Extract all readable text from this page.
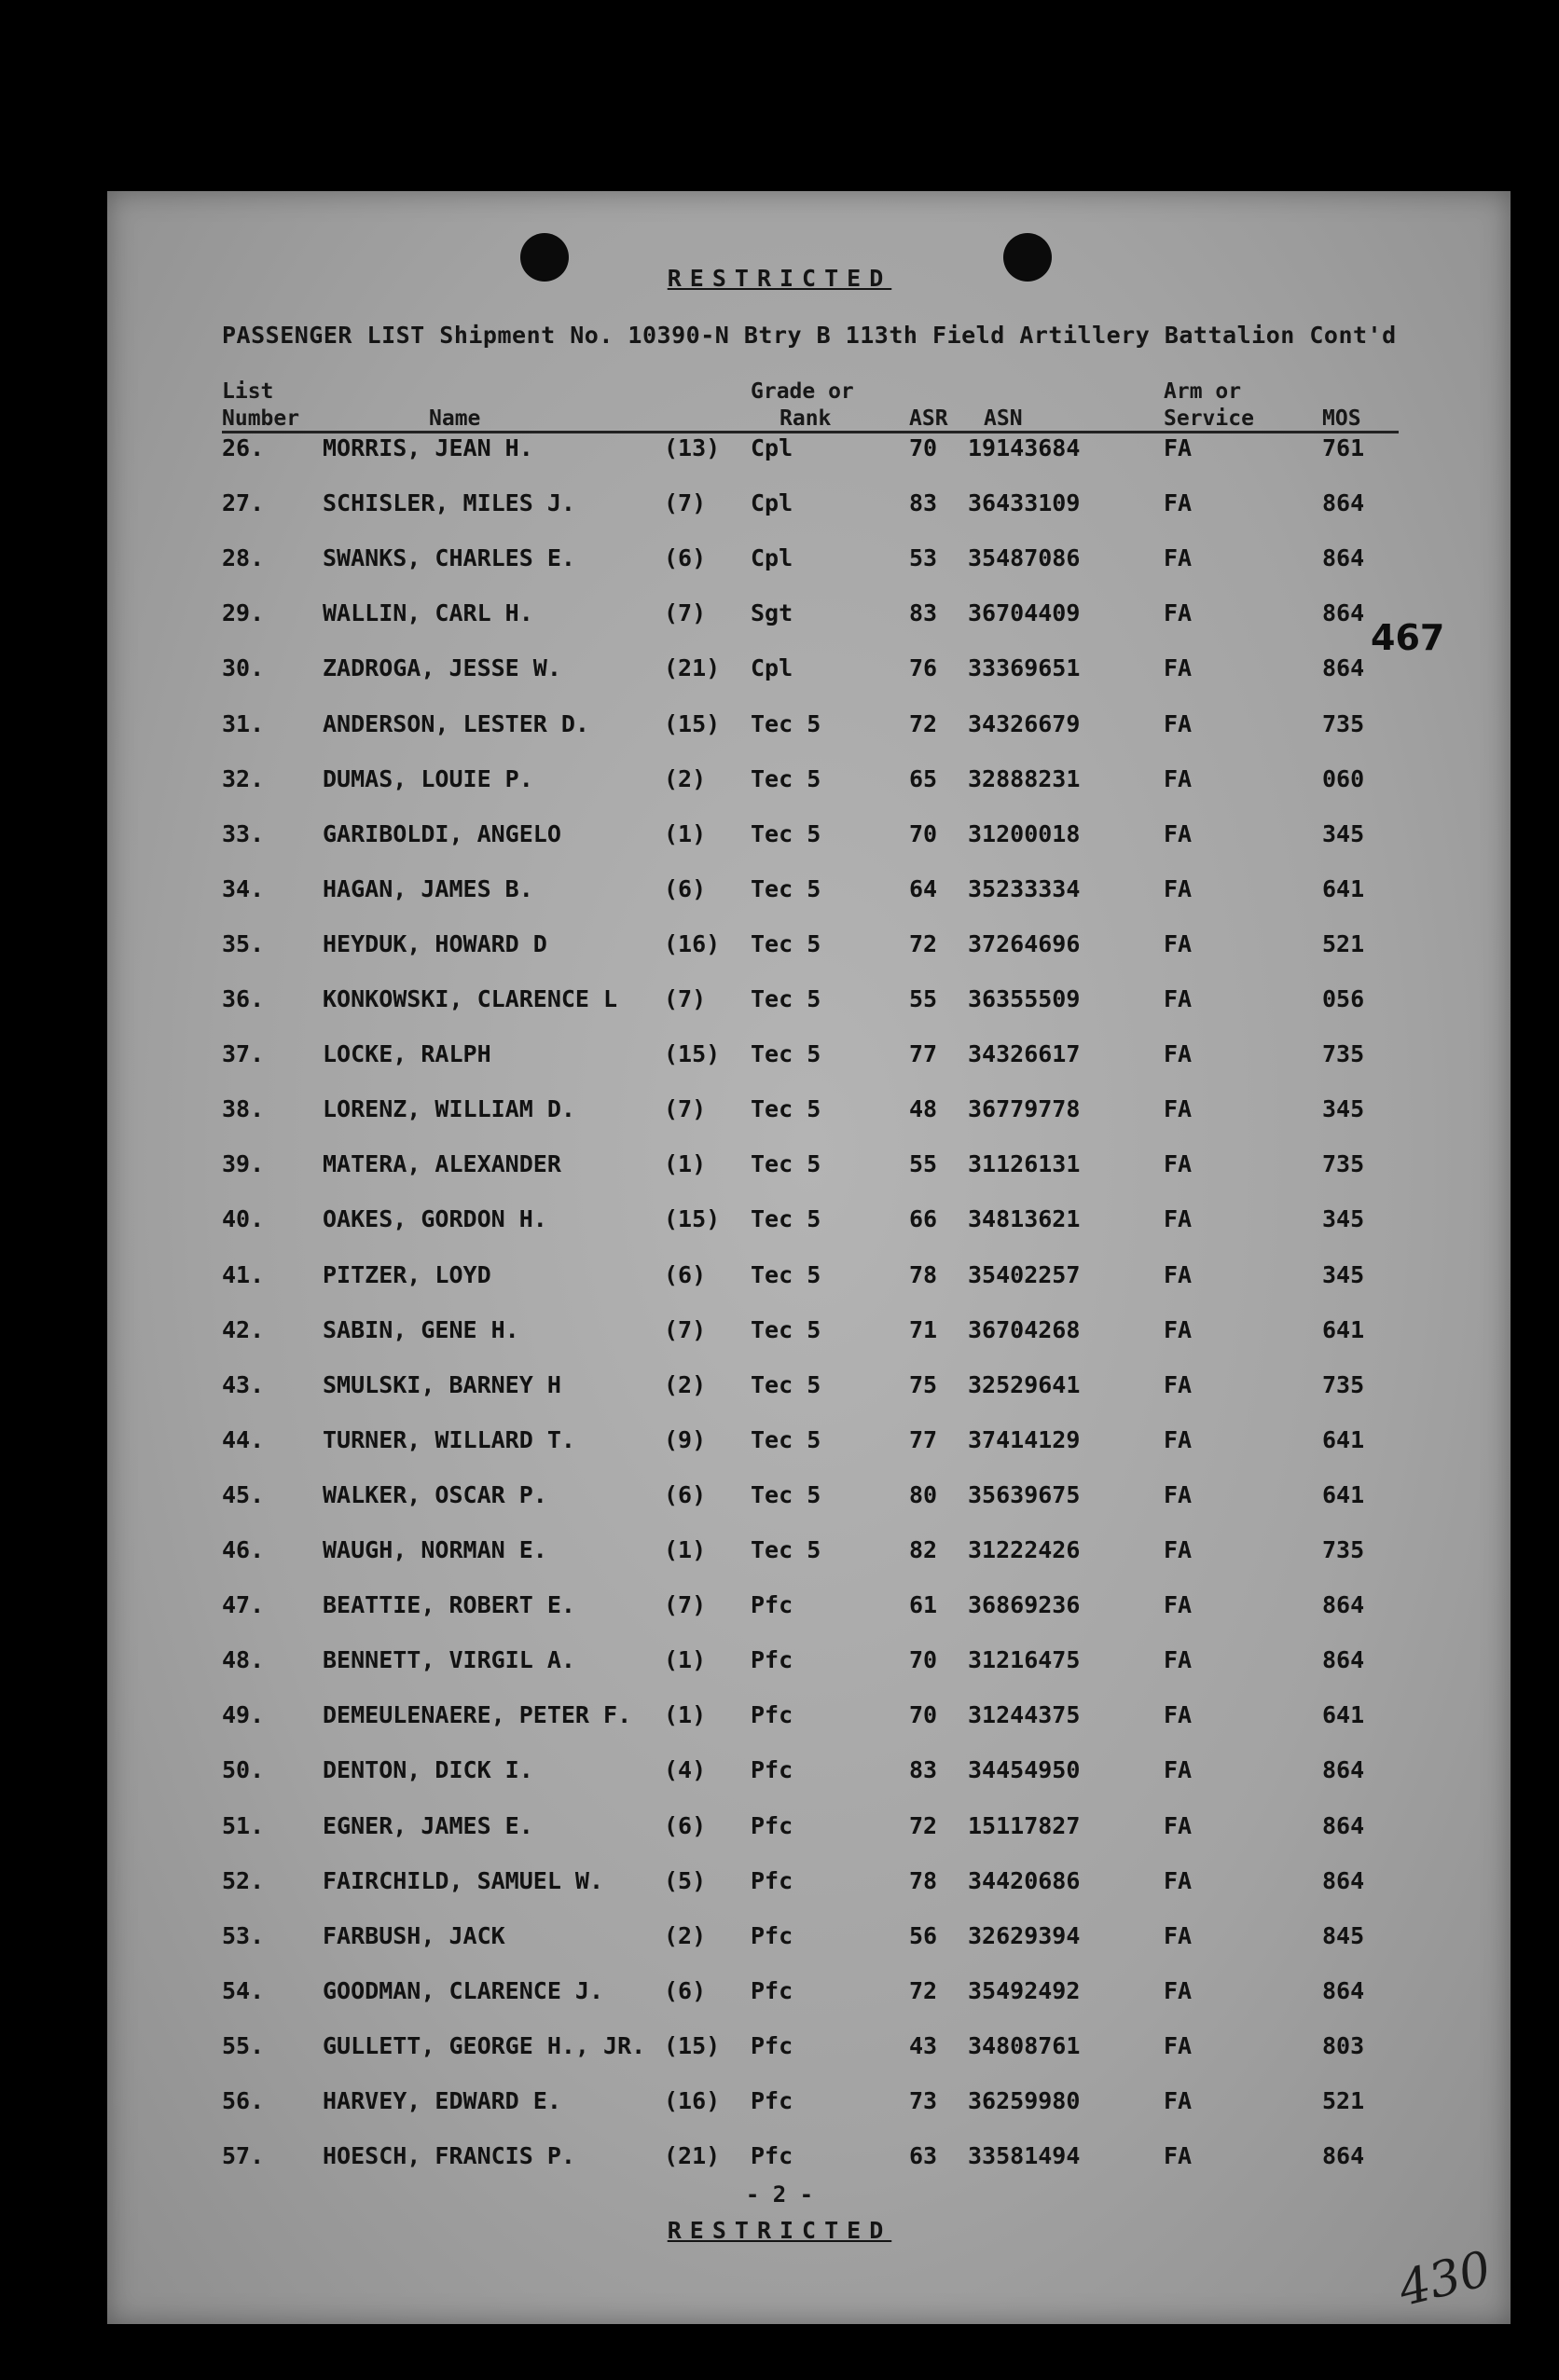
RESTRICTED
PASSENGER LIST Shipment No. 10390-N Btry B 113th Field Artillery Battalion Cont'd
List
Number	Name
Grade or
Rank	ASR ASN
Arm or
Service	MOS
467
26.	MORRIS, JEAN H.	(13) Cpl	70 19143684	FA	761
27.	SCHISLER, MILES J.	(7) Cpl	83 36433109	FA	864
28.	SWANKS, CHARLES E.	(6) Cpl	53 35487086	FA	864
29.	WALLIN, CARL H.	(7) Sgt	83 36704409	FA	864
30.	ZADROGA, JESSE W.	(21) Cpl	76 33369651	FA	864
31.	ANDERSON, LESTER D.	(15) Tec 5	72 34326679	FA	735
32.	DUMAS, LOUIE P.	(2) Tec 5	65 32888231	FA	060
33.	GARIBOLDI, ANGELO	(1) Tec 5	70 31200018	FA	345
34.	HAGAN, JAMES B.	(6) Tec 5	64 35233334	FA	641
35.	HEYDUK, HOWARD D	(16) Tec 5	72 37264696	FA	521
36.	KONKOWSKI, CLARENCE L (7) Tec 5	55 36355509	FA	056
37.	LOCKE, RALPH	(15) Tec 5	77 34326617	FA	735
38.	LORENZ, WILLIAM D.	(7) Tec 5	48 36779778	FA	345
39.	MATERA, ALEXANDER	(1) Tec 5	55 31126131	FA	735
40.	OAKES, GORDON H.	(15) Tec 5	66 34813621	FA	345
41.	PITZER, LOYD	(6) Tec 5	78 35402257	FA	345
42.	SABIN, GENE H.	(7) Tec 5	71 36704268	FA	641
43.	SMULSKI, BARNEY H	(2) Tec 5	75 32529641	FA	735
44.	TURNER, WILLARD T.	(9) Tec 5	77 37414129	FA	641
45.	WALKER, OSCAR P.	(6) Tec 5	80 35639675	FA	641
46.	WAUGH, NORMAN E.	(1) Tec 5	82 31222426	FA	735
47.	BEATTIE, ROBERT E.	(7) Pfc	61 36869236	FA	864
48.	BENNETT, VIRGIL A.	(1) Pfc	70 31216475	FA	864
49.	DEMEULENAERE, PETER F. (1) Pfc	70 31244375	FA	641
50.	DENTON, DICK I.	(4) Pfc	83 34454950	FA	864
51.	EGNER, JAMES E.	(6) Pfc	72 15117827	FA	864
52.	FAIRCHILD, SAMUEL W.	(5) Pfc	78 34420686	FA	864
53.	FARBUSH, JACK	(2) Pfc	56 32629394	FA	845
54.	GOODMAN, CLARENCE J.	(6) Pfc	72 35492492	FA	864
55.	GULLETT, GEORGE H., JR. (15) Pfc	43 34808761	FA	803
56.	HARVEY, EDWARD E.	(16) Pfc	73 36259980	FA	521
57.	HOESCH, FRANCIS P.	(21) Pfc	63 33581494	FA	864
- 2 -
RESTRICTED
430
